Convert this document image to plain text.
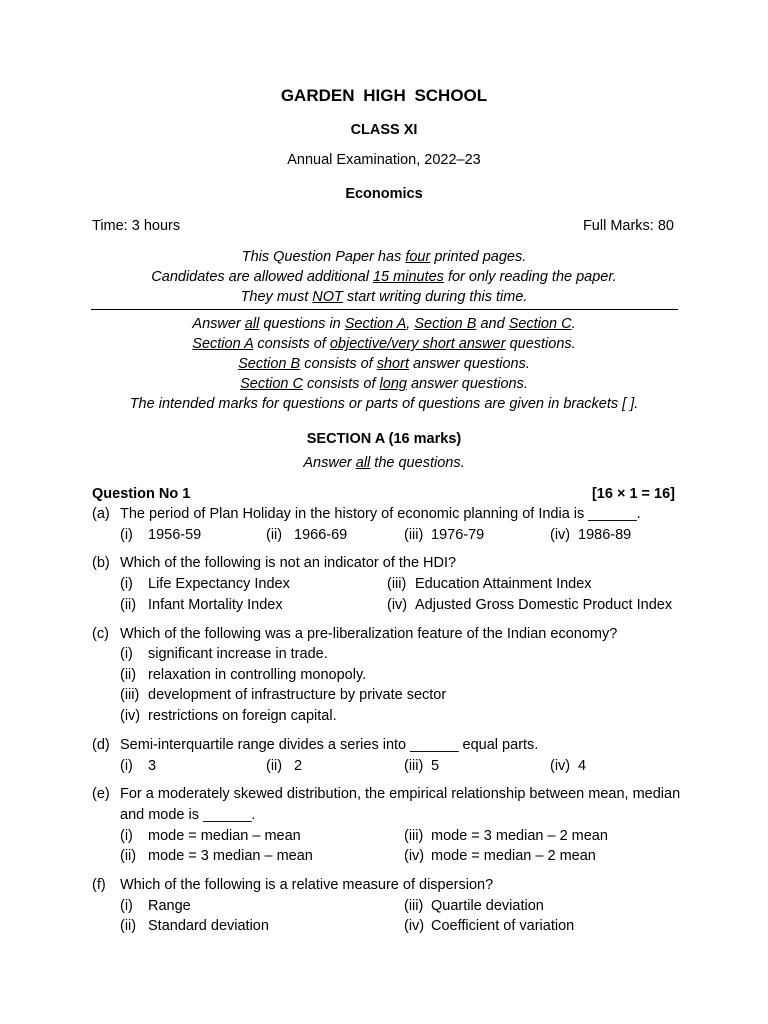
GARDEN HIGH SCHOOL
CLASS XI
Annual Examination, 2022–23
Economics
Time: 3 hours	Full Marks: 80
This Question Paper has four printed pages.
Candidates are allowed additional 15 minutes for only reading the paper.
They must NOT start writing during this time.
Answer all questions in Section A, Section B and Section C.
Section A consists of objective/very short answer questions.
Section B consists of short answer questions.
Section C consists of long answer questions.
The intended marks for questions or parts of questions are given in brackets [ ].
SECTION A (16 marks)
Answer all the questions.
Question No 1	[16 × 1 = 16]
(a) The period of Plan Holiday in the history of economic planning of India is ______.
(i) 1956-59	(ii) 1966-69	(iii) 1976-79	(iv) 1986-89
(b) Which of the following is not an indicator of the HDI?
(i) Life Expectancy Index	(iii) Education Attainment Index
(ii) Infant Mortality Index	(iv) Adjusted Gross Domestic Product Index
(c) Which of the following was a pre-liberalization feature of the Indian economy?
(i) significant increase in trade.
(ii) relaxation in controlling monopoly.
(iii) development of infrastructure by private sector
(iv) restrictions on foreign capital.
(d) Semi-interquartile range divides a series into ______ equal parts.
(i) 3	(ii) 2	(iii) 5	(iv) 4
(e) For a moderately skewed distribution, the empirical relationship between mean, median
and mode is ______.
(i) mode = median – mean	(iii) mode = 3 median – 2 mean
(ii) mode = 3 median – mean	(iv) mode = median – 2 mean
(f) Which of the following is a relative measure of dispersion?
(i) Range	(iii) Quartile deviation
(ii) Standard deviation	(iv) Coefficient of variation
